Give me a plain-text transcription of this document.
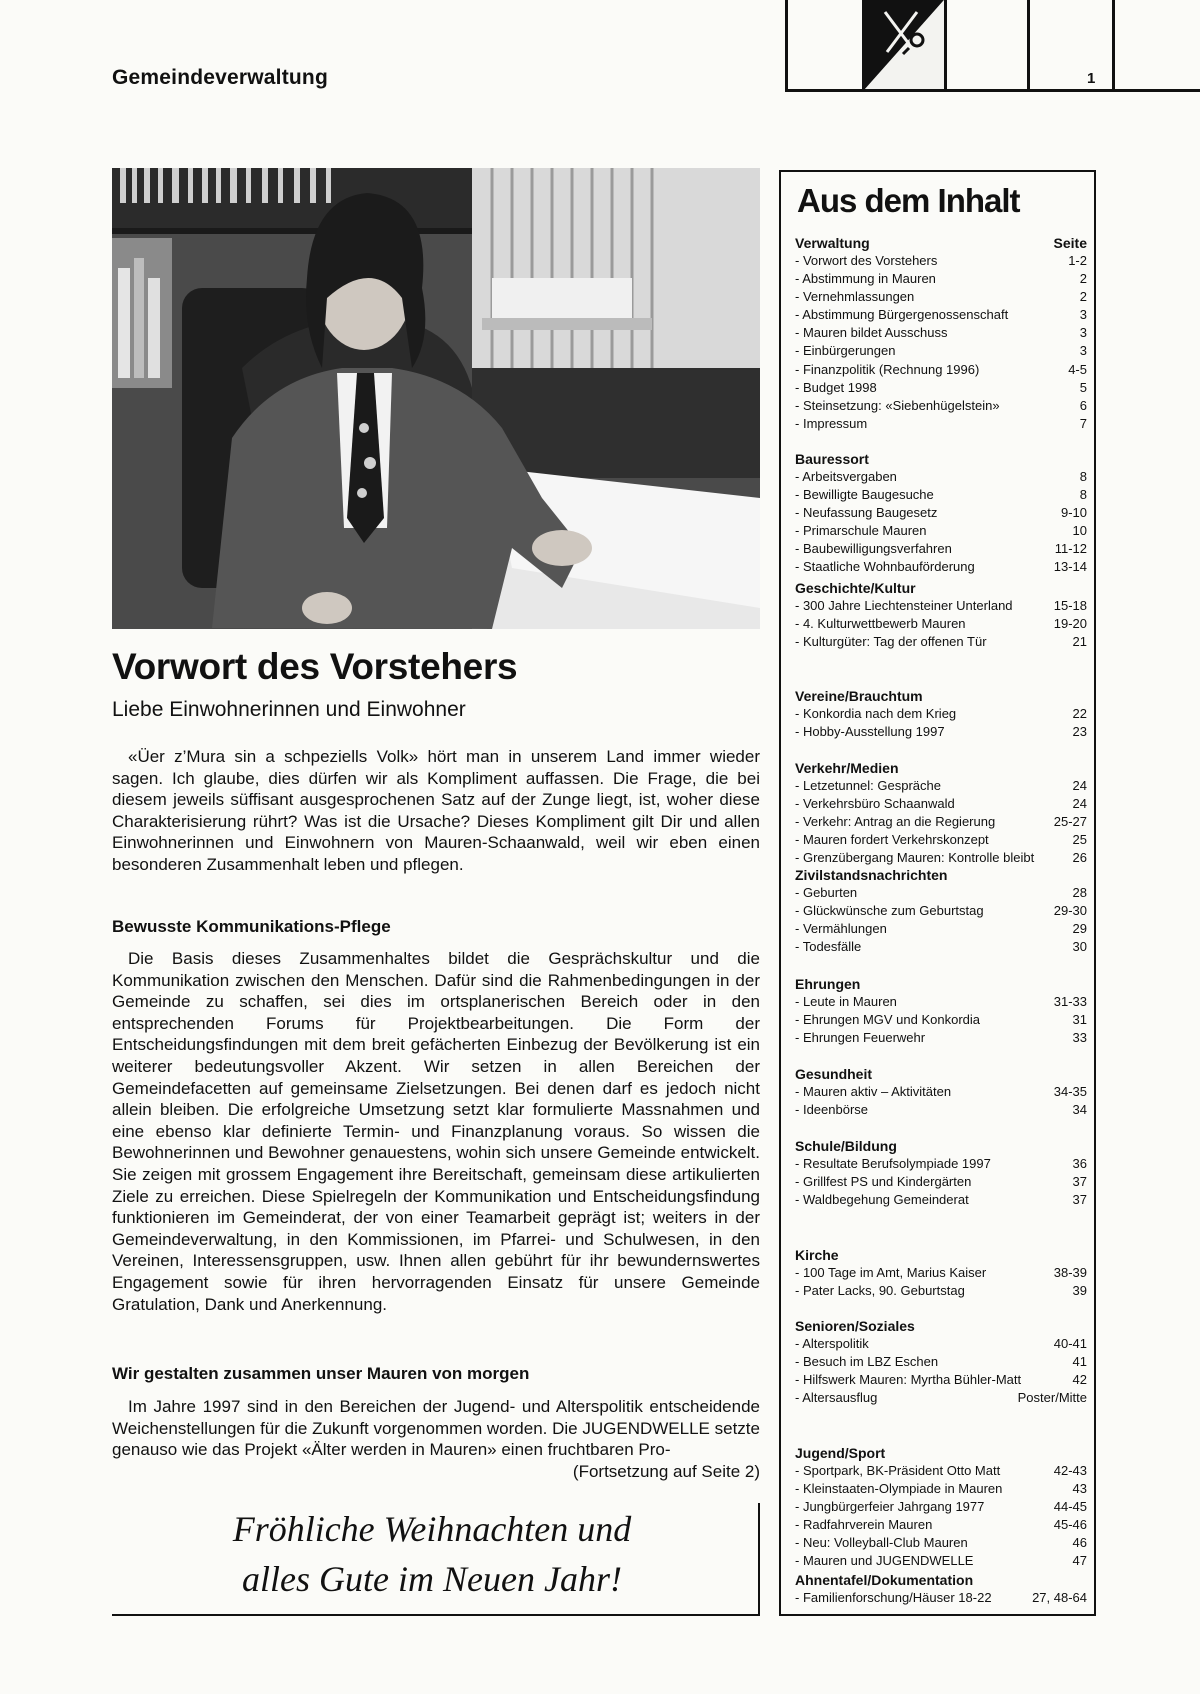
Gemeindeverwaltung	1
Vorwort des Vorstehers
Liebe Einwohnerinnen und Einwohner

«Üer z’Mura sin a schpeziells Volk» hört man in unserem Land immer wieder sagen. Ich glaube, dies dürfen wir als Kompliment auffassen. Die Frage, die bei diesem jeweils süffisant ausgesprochenen Satz auf der Zunge liegt, ist, woher diese Charakterisierung rührt? Was ist die Ursache? Dieses Kompliment gilt Dir und allen Einwohnerinnen und Einwohnern von Mauren-Schaanwald, weil wir eben einen besonderen Zusammenhalt leben und pflegen.

Bewusste Kommunikations-Pflege

Die Basis dieses Zusammenhaltes bildet die Gesprächskultur und die Kommunikation zwischen den Menschen. Dafür sind die Rahmenbedingungen in der Gemeinde zu schaffen, sei dies im ortsplanerischen Bereich oder in den entsprechenden Forums für Projektbearbeitungen. Die Form der Entscheidungsfindungen mit dem breit gefächerten Einbezug der Bevölkerung ist ein weiterer bedeutungsvoller Akzent. Wir setzen in allen Bereichen der Gemeindefacetten auf gemeinsame Zielsetzungen. Bei denen darf es jedoch nicht allein bleiben. Die erfolgreiche Umsetzung setzt klar formulierte Massnahmen und eine ebenso klar definierte Termin- und Finanzplanung voraus. So wissen die Bewohnerinnen und Bewohner genauestens, wohin sich unsere Gemeinde entwickelt. Sie zeigen mit grossem Engagement ihre Bereitschaft, gemeinsam diese artikulierten Ziele zu erreichen. Diese Spielregeln der Kommunikation und Entscheidungsfindung funktionieren im Gemeinderat, der von einer Teamarbeit geprägt ist; weiters in der Gemeindeverwaltung, in den Kommissionen, im Pfarrei- und Schulwesen, in den Vereinen, Interessensgruppen, usw. Ihnen allen gebührt für ihr bewundernswertes Engagement sowie für ihren hervorragenden Einsatz für unsere Gemeinde Gratulation, Dank und Anerkennung.

Wir gestalten zusammen unser Mauren von morgen

Im Jahre 1997 sind in den Bereichen der Jugend- und Alterspolitik entscheidende Weichenstellungen für die Zukunft vorgenommen worden. Die JUGENDWELLE setzte genauso wie das Projekt «Älter werden in Mauren» einen fruchtbaren Pro-

(Fortsetzung auf Seite 2)
Fröhliche Weihnachten und
alles Gute im Neuen Jahr!
Aus dem Inhalt
Verwaltung	Seite
- Vorwort des Vorstehers	1-2
- Abstimmung in Mauren	2
- Vernehmlassungen	2
- Abstimmung Bürgergenossenschaft	3
- Mauren bildet Ausschuss	3
- Einbürgerungen	3
- Finanzpolitik (Rechnung 1996)	4-5
- Budget 1998	5
- Steinsetzung: «Siebenhügelstein»	6
- Impressum	7
Bauressort
- Arbeitsvergaben	8
- Bewilligte Baugesuche	8
- Neufassung Baugesetz	9-10
- Primarschule Mauren	10
- Baubewilligungsverfahren	11-12
- Staatliche Wohnbauförderung	13-14
Geschichte/Kultur
- 300 Jahre Liechtensteiner Unterland	15-18
- 4. Kulturwettbewerb Mauren	19-20
- Kulturgüter: Tag der offenen Tür	21
Vereine/Brauchtum
- Konkordia nach dem Krieg	22
- Hobby-Ausstellung 1997	23
Verkehr/Medien
- Letzetunnel: Gespräche	24
- Verkehrsbüro Schaanwald	24
- Verkehr: Antrag an die Regierung	25-27
- Mauren fordert Verkehrskonzept	25
- Grenzübergang Mauren: Kontrolle bleibt	26
Zivilstandsnachrichten
- Geburten	28
- Glückwünsche zum Geburtstag	29-30
- Vermählungen	29
- Todesfälle	30
Ehrungen
- Leute in Mauren	31-33
- Ehrungen MGV und Konkordia	31
- Ehrungen Feuerwehr	33
Gesundheit
- Mauren aktiv – Aktivitäten	34-35
- Ideenbörse	34
Schule/Bildung
- Resultate Berufsolympiade 1997	36
- Grillfest PS und Kindergärten	37
- Waldbegehung Gemeinderat	37
Kirche
- 100 Tage im Amt, Marius Kaiser	38-39
- Pater Lacks, 90. Geburtstag	39
Senioren/Soziales
- Alterspolitik	40-41
- Besuch im LBZ Eschen	41
- Hilfswerk Mauren: Myrtha Bühler-Matt	42
- Altersausflug	Poster/Mitte
Jugend/Sport
- Sportpark, BK-Präsident Otto Matt	42-43
- Kleinstaaten-Olympiade in Mauren	43
- Jungbürgerfeier Jahrgang 1977	44-45
- Radfahrverein Mauren	45-46
- Neu: Volleyball-Club Mauren	46
- Mauren und JUGENDWELLE	47
Ahnentafel/Dokumentation
- Familienforschung/Häuser 18-22	27, 48-64
